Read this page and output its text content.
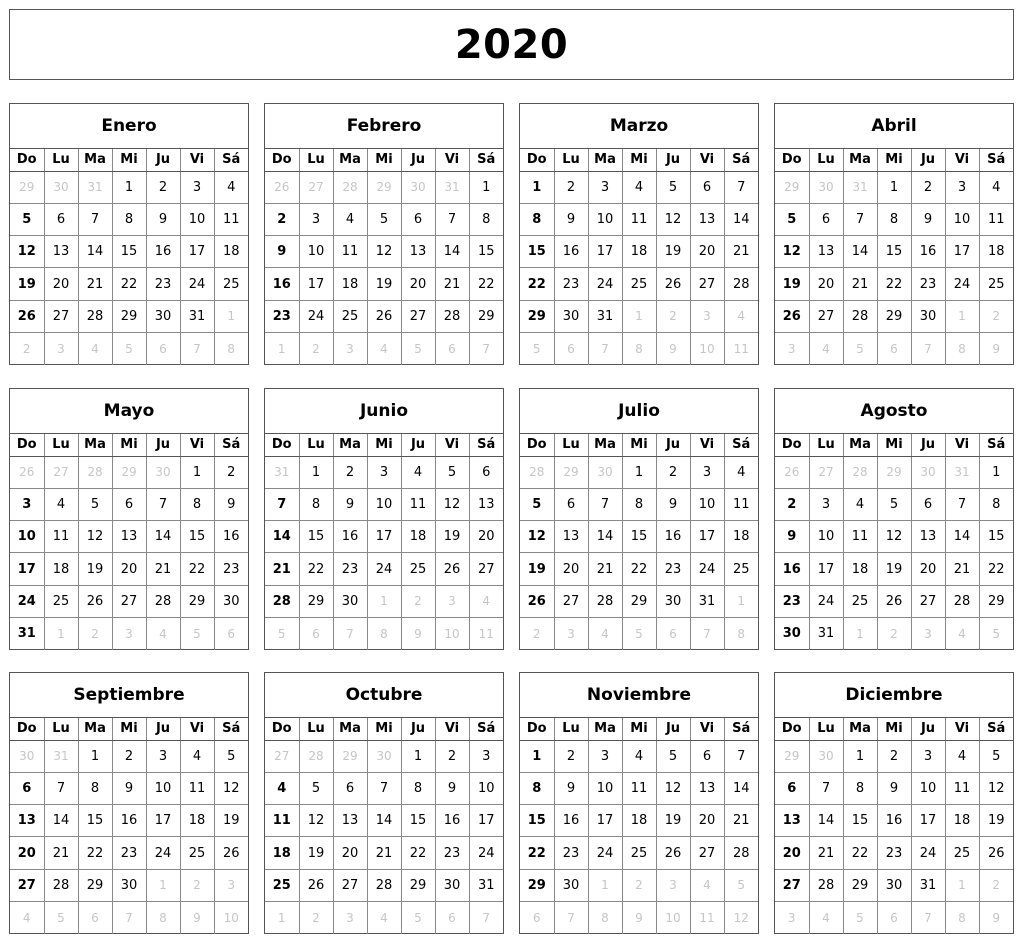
2020
Enero
Do	Lu	Ma	Mi	Ju	Vi	Sá
29	30	31	1	2	3	4
5	6	7	8	9	10	11
12	13	14	15	16	17	18
19	20	21	22	23	24	25
26	27	28	29	30	31	1
2	3	4	5	6	7	8
Febrero
Do	Lu	Ma	Mi	Ju	Vi	Sá
26	27	28	29	30	31	1
2	3	4	5	6	7	8
9	10	11	12	13	14	15
16	17	18	19	20	21	22
23	24	25	26	27	28	29
1	2	3	4	5	6	7
Marzo
Do	Lu	Ma	Mi	Ju	Vi	Sá
1	2	3	4	5	6	7
8	9	10	11	12	13	14
15	16	17	18	19	20	21
22	23	24	25	26	27	28
29	30	31	1	2	3	4
5	6	7	8	9	10	11
Abril
Do	Lu	Ma	Mi	Ju	Vi	Sá
29	30	31	1	2	3	4
5	6	7	8	9	10	11
12	13	14	15	16	17	18
19	20	21	22	23	24	25
26	27	28	29	30	1	2
3	4	5	6	7	8	9
Mayo
Do	Lu	Ma	Mi	Ju	Vi	Sá
26	27	28	29	30	1	2
3	4	5	6	7	8	9
10	11	12	13	14	15	16
17	18	19	20	21	22	23
24	25	26	27	28	29	30
31	1	2	3	4	5	6
Junio
Do	Lu	Ma	Mi	Ju	Vi	Sá
31	1	2	3	4	5	6
7	8	9	10	11	12	13
14	15	16	17	18	19	20
21	22	23	24	25	26	27
28	29	30	1	2	3	4
5	6	7	8	9	10	11
Julio
Do	Lu	Ma	Mi	Ju	Vi	Sá
28	29	30	1	2	3	4
5	6	7	8	9	10	11
12	13	14	15	16	17	18
19	20	21	22	23	24	25
26	27	28	29	30	31	1
2	3	4	5	6	7	8
Agosto
Do	Lu	Ma	Mi	Ju	Vi	Sá
26	27	28	29	30	31	1
2	3	4	5	6	7	8
9	10	11	12	13	14	15
16	17	18	19	20	21	22
23	24	25	26	27	28	29
30	31	1	2	3	4	5
Septiembre
Do	Lu	Ma	Mi	Ju	Vi	Sá
30	31	1	2	3	4	5
6	7	8	9	10	11	12
13	14	15	16	17	18	19
20	21	22	23	24	25	26
27	28	29	30	1	2	3
4	5	6	7	8	9	10
Octubre
Do	Lu	Ma	Mi	Ju	Vi	Sá
27	28	29	30	1	2	3
4	5	6	7	8	9	10
11	12	13	14	15	16	17
18	19	20	21	22	23	24
25	26	27	28	29	30	31
1	2	3	4	5	6	7
Noviembre
Do	Lu	Ma	Mi	Ju	Vi	Sá
1	2	3	4	5	6	7
8	9	10	11	12	13	14
15	16	17	18	19	20	21
22	23	24	25	26	27	28
29	30	1	2	3	4	5
6	7	8	9	10	11	12
Diciembre
Do	Lu	Ma	Mi	Ju	Vi	Sá
29	30	1	2	3	4	5
6	7	8	9	10	11	12
13	14	15	16	17	18	19
20	21	22	23	24	25	26
27	28	29	30	31	1	2
3	4	5	6	7	8	9
